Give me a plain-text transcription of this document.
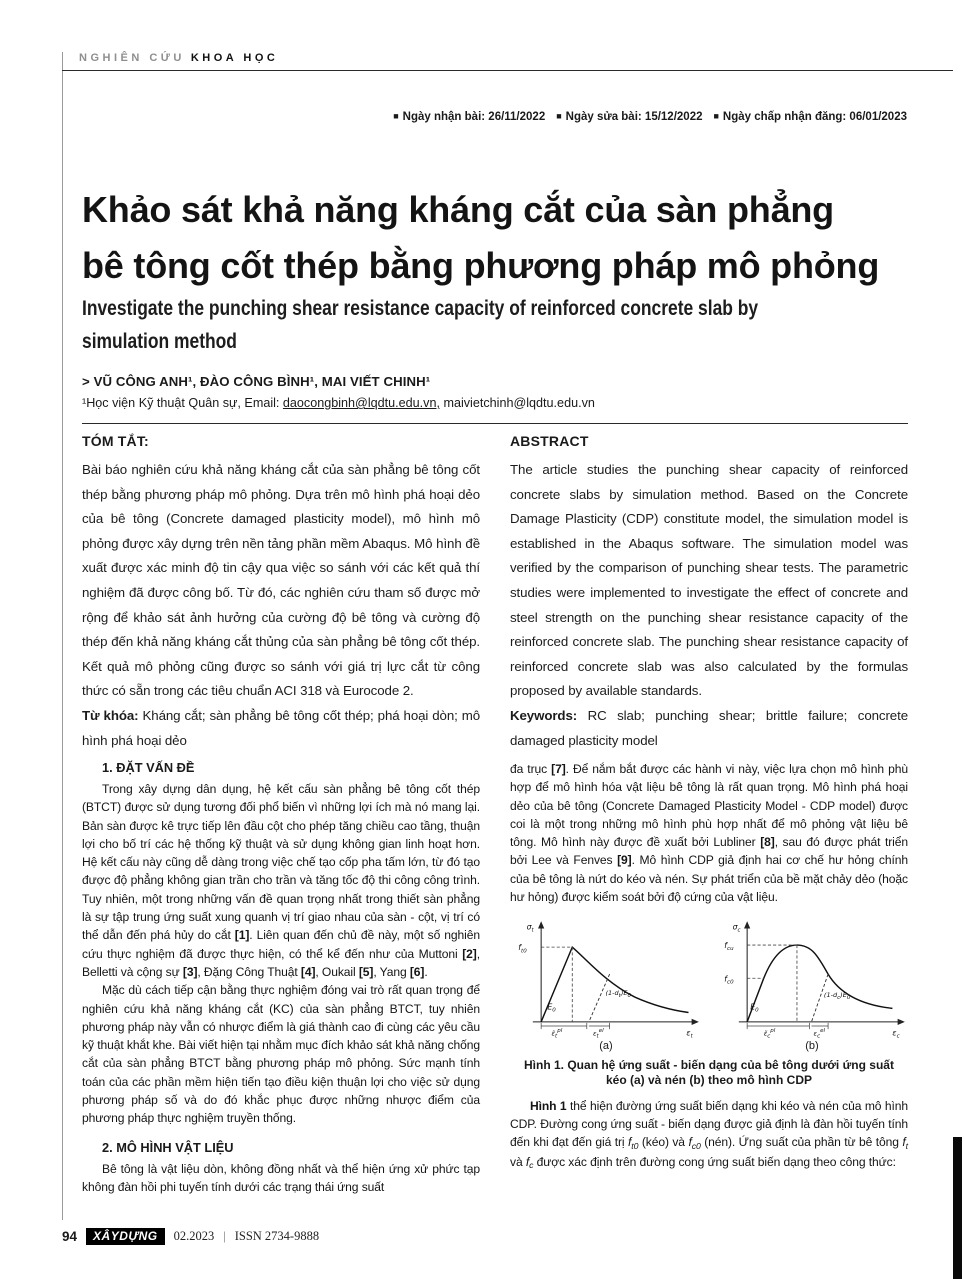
NGHIÊN CỨU KHOA HỌC
■ Ngày nhận bài: 26/11/2022 ■ Ngày sửa bài: 15/12/2022 ■ Ngày chấp nhận đăng: 06/01/2023
Khảo sát khả năng kháng cắt của sàn phẳng
bê tông cốt thép bằng phương pháp mô phỏng
Investigate the punching shear resistance capacity of reinforced concrete slab by
simulation method
> VŨ CÔNG ANH¹, ĐÀO CÔNG BÌNH¹, MAI VIẾT CHINH¹
¹Học viện Kỹ thuật Quân sự, Email: daocongbinh@lqdtu.edu.vn, maivietchinh@lqdtu.edu.vn
TÓM TẮT:

Bài báo nghiên cứu khả năng kháng cắt của sàn phẳng bê tông cốt thép bằng phương pháp mô phỏng. Dựa trên mô hình phá hoại dẻo của bê tông (Concrete damaged plasticity model), mô hình mô phỏng được xây dựng trên nền tảng phần mềm Abaqus. Mô hình đề xuất được xác minh độ tin cậy qua việc so sánh với các kết quả thí nghiệm đã được công bố. Từ đó, các nghiên cứu tham số được mở rộng để khảo sát ảnh hưởng của cường độ bê tông và cường độ thép đến khả năng kháng cắt thủng của sàn phẳng bê tông cốt thép. Kết quả mô phỏng cũng được so sánh với giá trị lực cắt từ công thức có sẵn trong các tiêu chuẩn ACI 318 và Eurocode 2.

Từ khóa: Kháng cắt; sàn phẳng bê tông cốt thép; phá hoại dòn; mô hình phá hoại dẻo

ABSTRACT

The article studies the punching shear capacity of reinforced concrete slabs by simulation method. Based on the Concrete Damage Plasticity (CDP) constitute model, the simulation model is established in the Abaqus software. The simulation model was verified by the comparison of punching shear tests. The parametric studies were implemented to investigate the effect of concrete and steel strength on the punching shear resistance capacity of the reinforced concrete slab. The punching shear resistance capacity of reinforced concrete slab was also calculated by the formulas proposed by available standards.

Keywords: RC slab; punching shear; brittle failure; concrete damaged plasticity model

1. ĐẶT VẤN ĐỀ

Trong xây dựng dân dụng, hệ kết cấu sàn phẳng bê tông cốt thép (BTCT) được sử dụng tương đối phổ biến vì những lợi ích mà nó mang lại. Bản sàn được kê trực tiếp lên đầu cột cho phép tăng chiều cao tầng, thuận lợi cho bố trí các hệ thống kỹ thuật và sử dụng không gian linh hoạt hơn. Hệ kết cấu này cũng dễ dàng trong việc chế tạo cốp pha tấm lớn, từ đó tạo được độ phẳng không gian trần cho trần và tăng tốc độ thi công công trình. Tuy nhiên, một trong những vấn đề quan trọng nhất trong thiết sàn phẳng là sự tập trung ứng suất xung quanh vị trí giao nhau của sàn - cột, vị trí có thể dẫn đến phá hủy do cắt [1]. Liên quan đến chủ đề này, một số nghiên cứu thực nghiệm đã được thực hiện, có thể kể đến như của Muttoni [2], Belletti và cộng sự [3], Đặng Công Thuật [4], Oukail [5], Yang [6].

Mặc dù cách tiếp cận bằng thực nghiệm đóng vai trò rất quan trọng để nghiên cứu khả năng kháng cắt (KC) của sàn phẳng BTCT, tuy nhiên phương pháp này vẫn có nhược điểm là giá thành cao đi cùng các yêu cầu kỹ thuật khắt khe. Bài viết hiện tại nhằm mục đích khảo sát khả năng chống cắt của sàn phẳng BTCT bằng phương pháp mô phỏng. Sức mạnh tính toán của các phần mềm hiện tiến tạo điều kiện thuận lợi cho việc sử dụng phương pháp số và do đó khắc phục được những nhược điểm của phương pháp thực nghiệm truyền thống.

2. MÔ HÌNH VẬT LIỆU

Bê tông là vật liệu dòn, không đồng nhất và thể hiện ứng xử phức tạp không đàn hồi phi tuyến tính dưới các trạng thái ứng suất

đa trục [7]. Để nắm bắt được các hành vi này, việc lựa chọn mô hình phù hợp để mô hình hóa vật liệu bê tông là rất quan trọng. Mô hình phá hoại dẻo của bê tông (Concrete Damaged Plasticity Model - CDP model) được coi là một trong những mô hình phù hợp nhất để mô phỏng vật liệu bê tông. Mô hình này được đề xuất bởi Lubliner [8], sau đó được phát triển bởi Lee và Fenves [9]. Mô hình CDP giả định hai cơ chế hư hỏng chính của bê tông là nứt do kéo và nén. Sự phát triển của bề mặt chảy dẻo (hoặc hư hỏng) được kiểm soát bởi độ cứng của vật liệu.

$\sigma_t$
$f_{t0}$
$E_0$
$(1-d_t)E_0$
$\varepsiloñ_t^{pl}$	$\varepsilon_t^{el}$	$\varepsilon_t$
(a)
$\sigma_c$
$f_{cu}$
$f_{c0}$
$E_0$
$(1-d_c)E_0$
$\varepsiloñ_c^{pl}$	$\varepsilon_c^{el}$	$\varepsilon_c$
(b)
Hình 1. Quan hệ ứng suất - biến dạng của bê tông dưới ứng suất kéo (a) và nén (b) theo mô hình CDP

Hình 1 thể hiện đường ứng suất biến dạng khi kéo và nén của mô hình CDP. Đường cong ứng suất - biến dạng được giả định là đàn hồi tuyến tính đến khi đạt đến giá trị ft0 (kéo) và fc0 (nén). Ứng suất của phần từ bê tông ft và fc được xác định trên đường cong ứng suất biến dạng theo công thức:

94	XÂYDỰNG	02.2023 | ISSN 2734-9888
